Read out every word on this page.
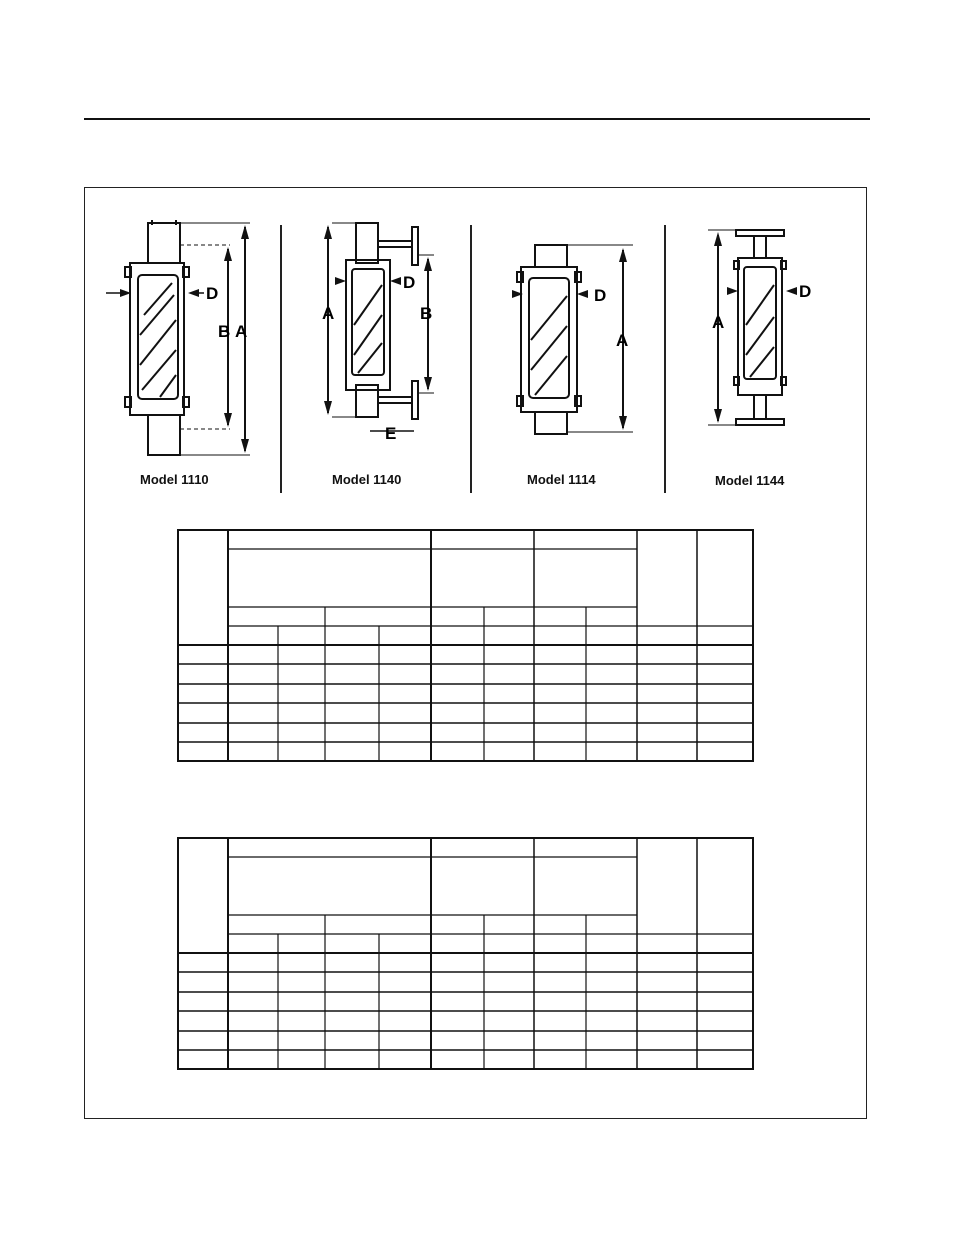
D
B A
D
A	B
E
D
A
D
A
Model 1110	Model 1140	Model 1114	Model 1144
